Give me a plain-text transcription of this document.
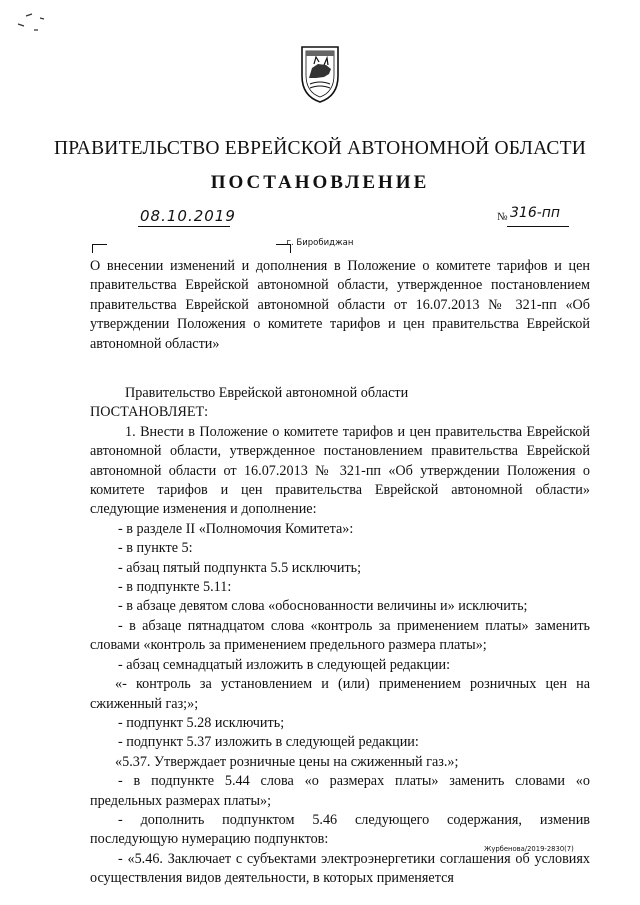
ПРАВИТЕЛЬСТВО ЕВРЕЙСКОЙ АВТОНОМНОЙ ОБЛАСТИ
ПОСТАНОВЛЕНИЕ
08.10.2019	№ 316-пп
г. Биробиджан
О внесении изменений и дополнения в Положение о комитете тарифов и цен правительства Еврейской автономной области, утвержденное постановлением правительства Еврейской автономной области от 16.07.2013 № 321-пп «Об утверждении Положения о комитете тарифов и цен правительства Еврейской автономной области»

Правительство Еврейской автономной области

ПОСТАНОВЛЯЕТ:

1. Внести в Положение о комитете тарифов и цен правительства Еврейской автономной области, утвержденное постановлением правительства Еврейской автономной области от 16.07.2013 № 321-пп «Об утверждении Положения о комитете тарифов и цен правительства Еврейской автономной области» следующие изменения и дополнение:

- в разделе II «Полномочия Комитета»:

- в пункте 5:

- абзац пятый подпункта 5.5 исключить;

- в подпункте 5.11:

- в абзаце девятом слова «обоснованности величины и» исключить;

- в абзаце пятнадцатом слова «контроль за применением платы» заменить словами «контроль за применением предельного размера платы»;

- абзац семнадцатый изложить в следующей редакции:

«- контроль за установлением и (или) применением розничных цен на сжиженный газ;»;

- подпункт 5.28 исключить;

- подпункт 5.37 изложить в следующей редакции:

«5.37. Утверждает розничные цены на сжиженный газ.»;

- в подпункте 5.44 слова «о размерах платы» заменить словами «о предельных размерах платы»;

- дополнить подпунктом 5.46 следующего содержания, изменив последующую нумерацию подпунктов:

- «5.46. Заключает с субъектами электроэнергетики соглашения об условиях осуществления видов деятельности, в которых применяется

Журбенова/2019-2830(7)
